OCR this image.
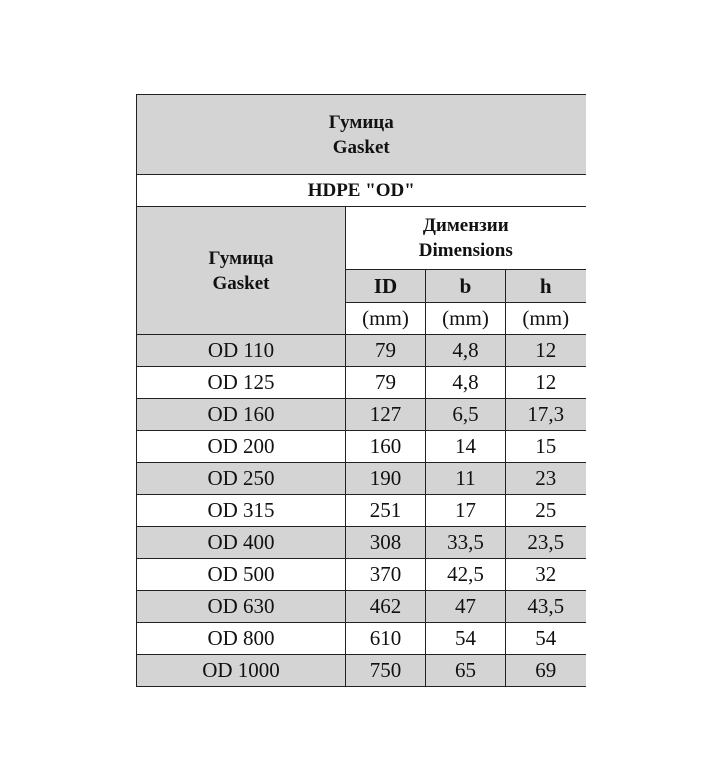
Гумица
Gasket			

HDPE "OD"			

Гумица
Gasket	Димензии
Dimensions		

	ID	b	h
	(mm)	(mm)	(mm)
OD 110	79	4,8	12
OD 125	79	4,8	12
OD 160	127	6,5	17,3
OD 200	160	14	15
OD 250	190	11	23
OD 315	251	17	25
OD 400	308	33,5	23,5
OD 500	370	42,5	32
OD 630	462	47	43,5
OD 800	610	54	54
OD 1000	750	65	69
